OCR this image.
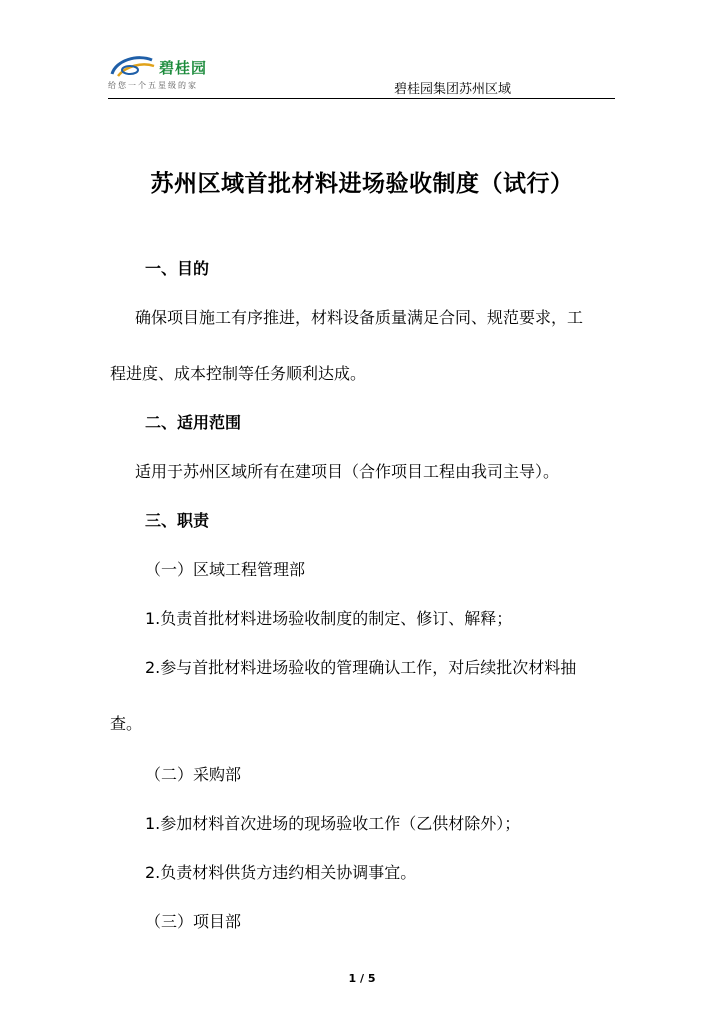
碧桂园
给您一个五星级的家	碧桂园集团苏州区域
苏州区域首批材料进场验收制度（试行）
一、目的
确保项目施工有序推进，材料设备质量满足合同、规范要求，工
程进度、成本控制等任务顺利达成。
二、适用范围
适用于苏州区域所有在建项目（合作项目工程由我司主导）。
三、职责
（一）区域工程管理部
1.负责首批材料进场验收制度的制定、修订、解释；
2.参与首批材料进场验收的管理确认工作，对后续批次材料抽
查。
（二）采购部
1.参加材料首次进场的现场验收工作（乙供材除外）；
2.负责材料供货方违约相关协调事宜。
（三）项目部
1 / 5
